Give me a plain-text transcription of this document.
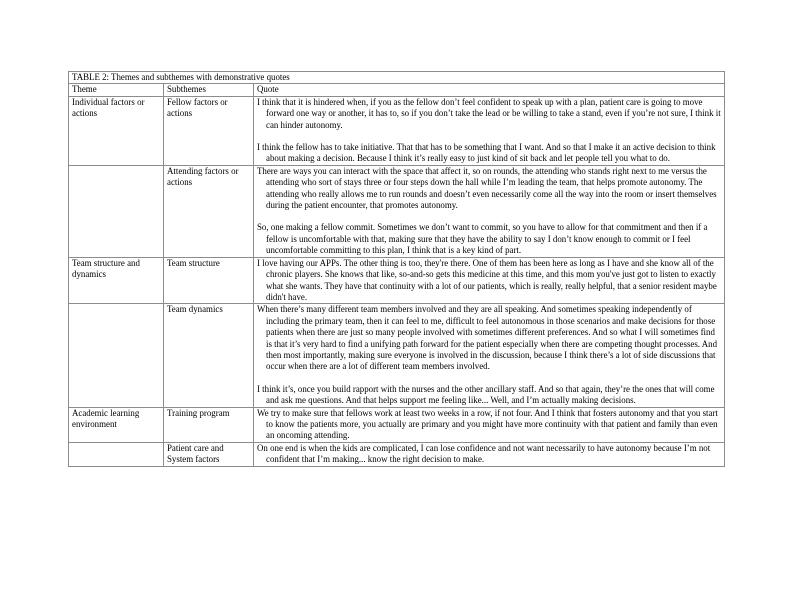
TABLE 2: Themes and subthemes with demonstrative quotes		
Theme	Subthemes	Quote
Individual factors or actions	Fellow factors or actions	I think that it is hindered when, if you as the fellow don’t feel confident to speak up with a plan, patient care is going to move forward one way or another, it has to, so if you don’t take the lead or be willing to take a stand, even if you’re not sure, I think it can hinder autonomy.
I think the fellow has to take initiative. That that has to be something that I want. And so that I make it an active decision to think about making a decision. Because I think it’s really easy to just kind of sit back and let people tell you what to do.

	Attending factors or actions	There are ways you can interact with the space that affect it, so on rounds, the attending who stands right next to me versus the attending who sort of stays three or four steps down the hall while I’m leading the team, that helps promote autonomy. The attending who really allows me to run rounds and doesn’t even necessarily come all the way into the room or insert themselves during the patient encounter, that promotes autonomy.
So, one making a fellow commit. Sometimes we don’t want to commit, so you have to allow for that commitment and then if a fellow is uncomfortable with that, making sure that they have the ability to say I don’t know enough to commit or I feel uncomfortable committing to this plan, I think that is a key kind of part.

Team structure and dynamics	Team structure	I love having our APPs. The other thing is too, they're there. One of them has been here as long as I have and she know all of the chronic players. She knows that like, so-and-so gets this medicine at this time, and this mom you've just got to listen to exactly what she wants. They have that continuity with a lot of our patients, which is really, really helpful, that a senior resident maybe didn't have.

	Team dynamics	When there’s many different team members involved and they are all speaking. And sometimes speaking independently of including the primary team, then it can feel to me, difficult to feel autonomous in those scenarios and make decisions for those patients when there are just so many people involved with sometimes different preferences. And so what I will sometimes find is that it’s very hard to find a unifying path forward for the patient especially when there are competing thought processes. And then most importantly, making sure everyone is involved in the discussion, because I think there’s a lot of side discussions that occur when there are a lot of different team members involved.
I think it’s, once you build rapport with the nurses and the other ancillary staff. And so that again, they’re the ones that will come and ask me questions. And that helps support me feeling like... Well, and I’m actually making decisions.

Academic learning environment	Training program	We try to make sure that fellows work at least two weeks in a row, if not four. And I think that fosters autonomy and that you start to know the patients more, you actually are primary and you might have more continuity with that patient and family than even an oncoming attending.

	Patient care and System factors	On one end is when the kids are complicated, I can lose confidence and not want necessarily to have autonomy because I’m not confident that I’m making... know the right decision to make.
